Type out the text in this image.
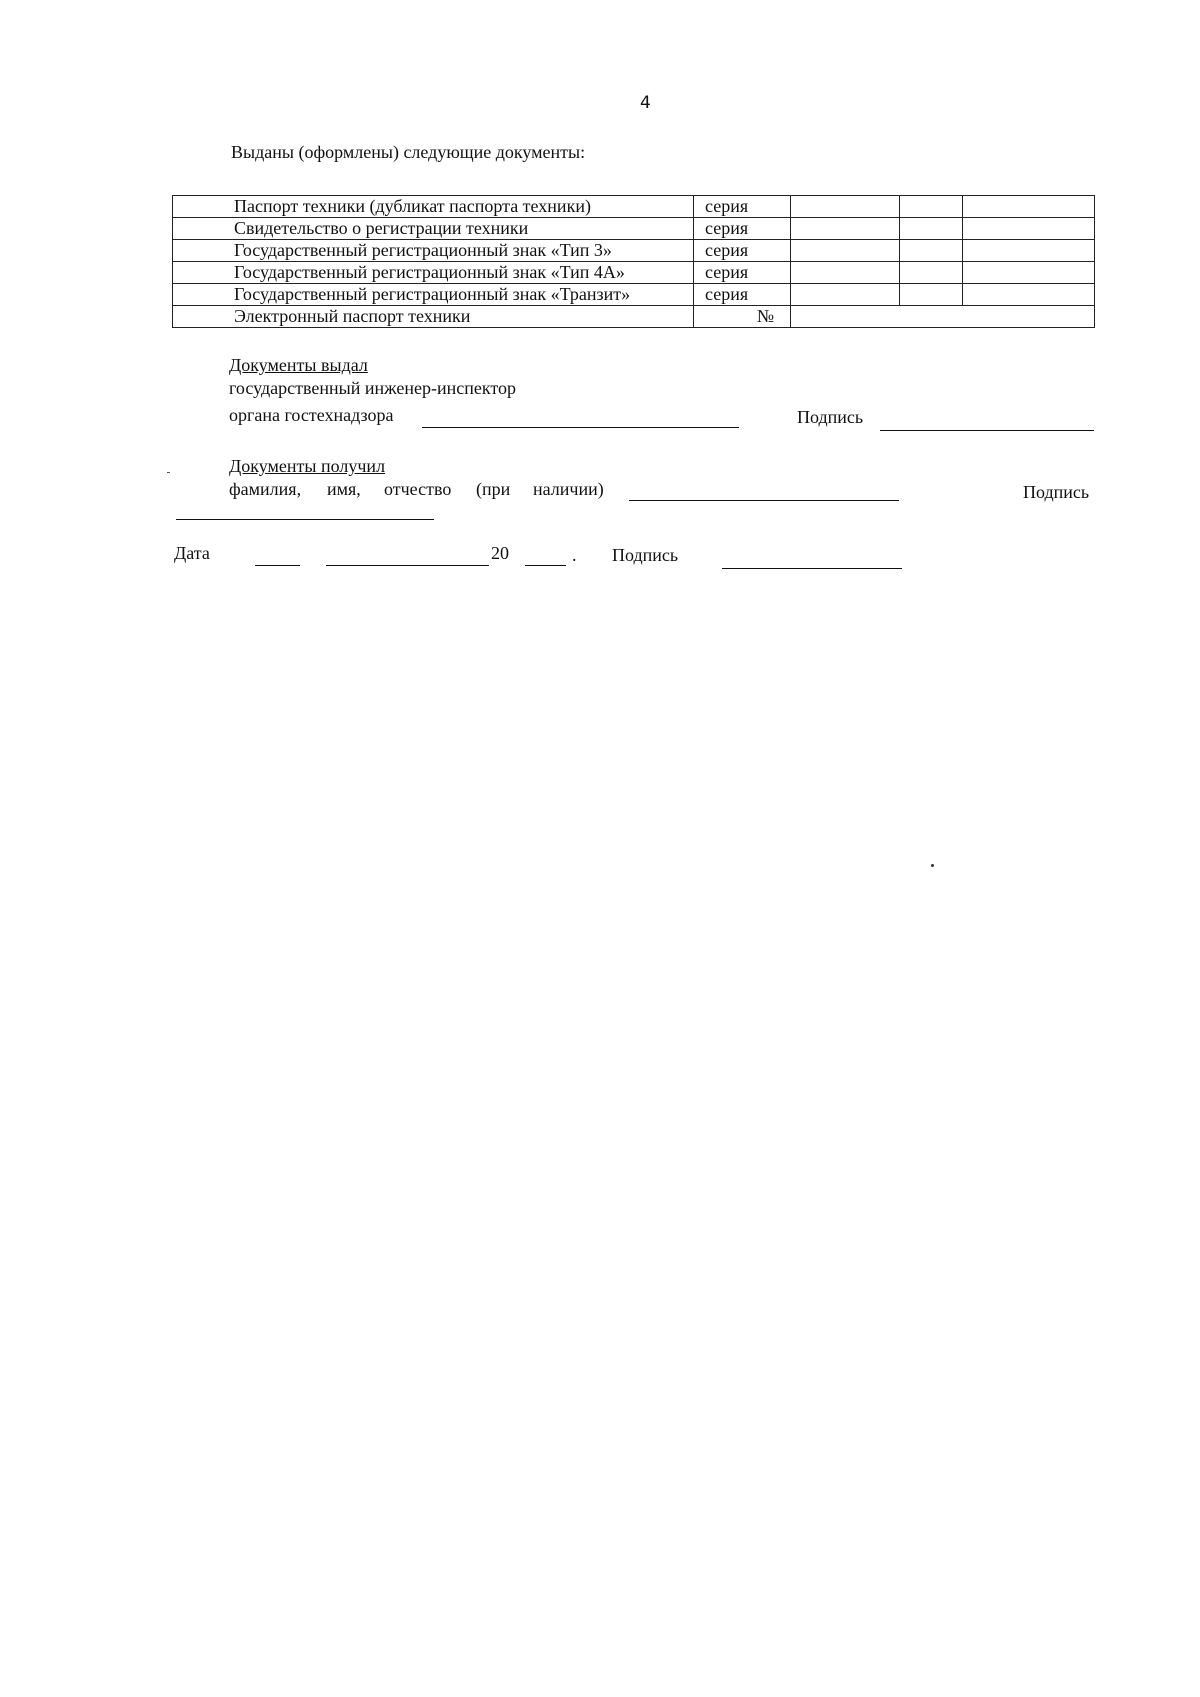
4
Выданы (оформлены) следующие документы:
Паспорт техники (дубликат паспорта техники)	серия			
Свидетельство о регистрации техники	серия			
Государственный регистрационный знак «Тип 3»	серия			
Государственный регистрационный знак «Тип 4А»	серия			
Государственный регистрационный знак «Транзит»	серия			
Электронный паспорт техники	№			
Документы выдал
государственный инженер-инспектор
органа гостехнадзора	Подпись
Документы получил
фамилия, имя, отчество (при наличии)	Подпись
Дата	20	. Подпись
